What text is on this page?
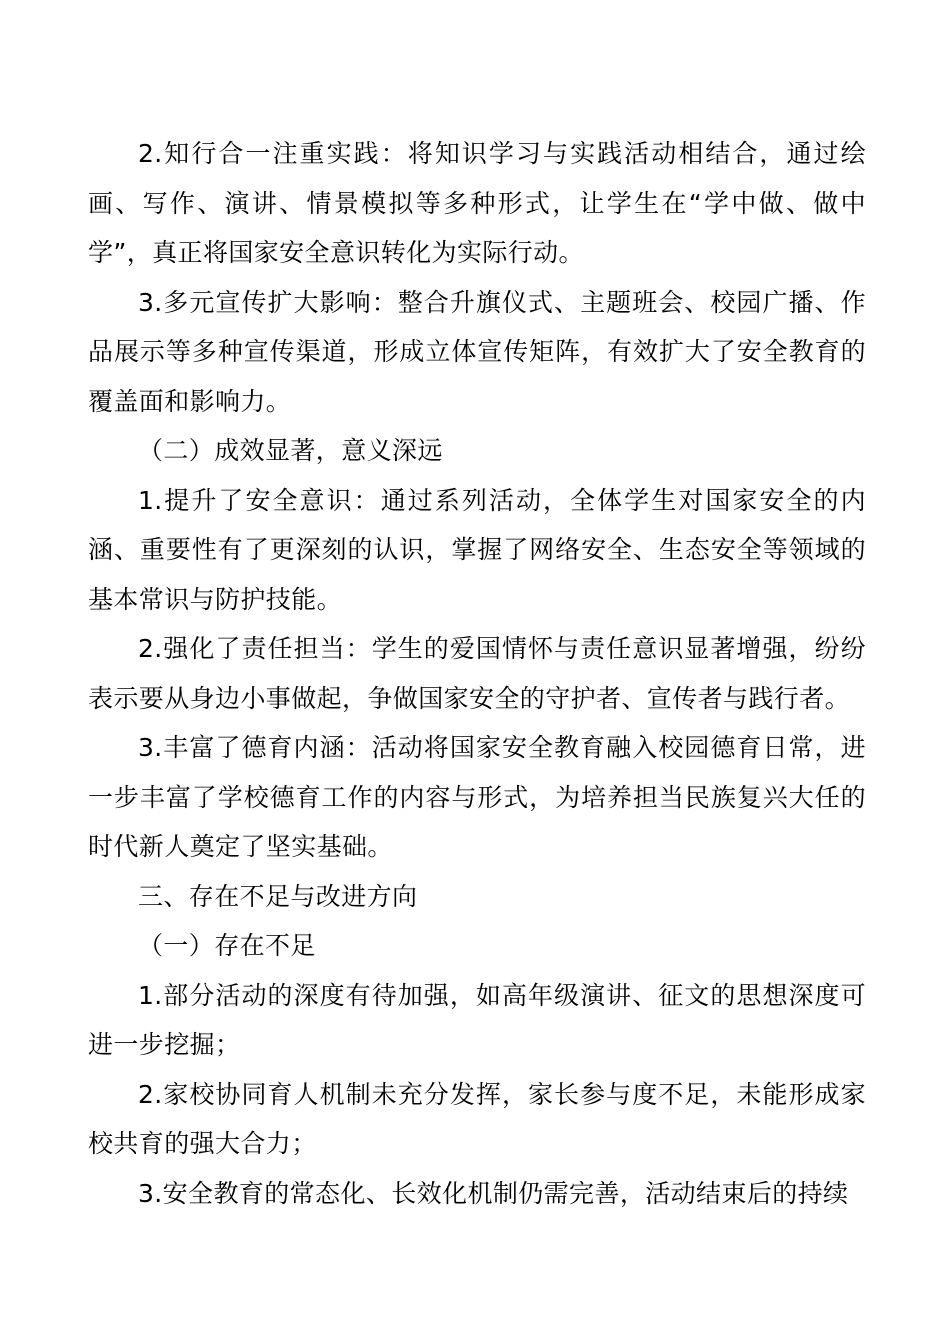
2.知行合一注重实践：将知识学习与实践活动相结合，通过绘画、写作、演讲、情景模拟等多种形式，让学生在“学中做、做中学”，真正将国家安全意识转化为实际行动。

3.多元宣传扩大影响：整合升旗仪式、主题班会、校园广播、作品展示等多种宣传渠道，形成立体宣传矩阵，有效扩大了安全教育的覆盖面和影响力。

（二）成效显著，意义深远

1.提升了安全意识：通过系列活动，全体学生对国家安全的内涵、重要性有了更深刻的认识，掌握了网络安全、生态安全等领域的基本常识与防护技能。

2.强化了责任担当：学生的爱国情怀与责任意识显著增强，纷纷表示要从身边小事做起，争做国家安全的守护者、宣传者与践行者。

3.丰富了德育内涵：活动将国家安全教育融入校园德育日常，进一步丰富了学校德育工作的内容与形式，为培养担当民族复兴大任的时代新人奠定了坚实基础。

三、存在不足与改进方向

（一）存在不足

1.部分活动的深度有待加强，如高年级演讲、征文的思想深度可进一步挖掘；

2.家校协同育人机制未充分发挥，家长参与度不足，未能形成家校共育的强大合力；

3.安全教育的常态化、长效化机制仍需完善，活动结束后的持续
